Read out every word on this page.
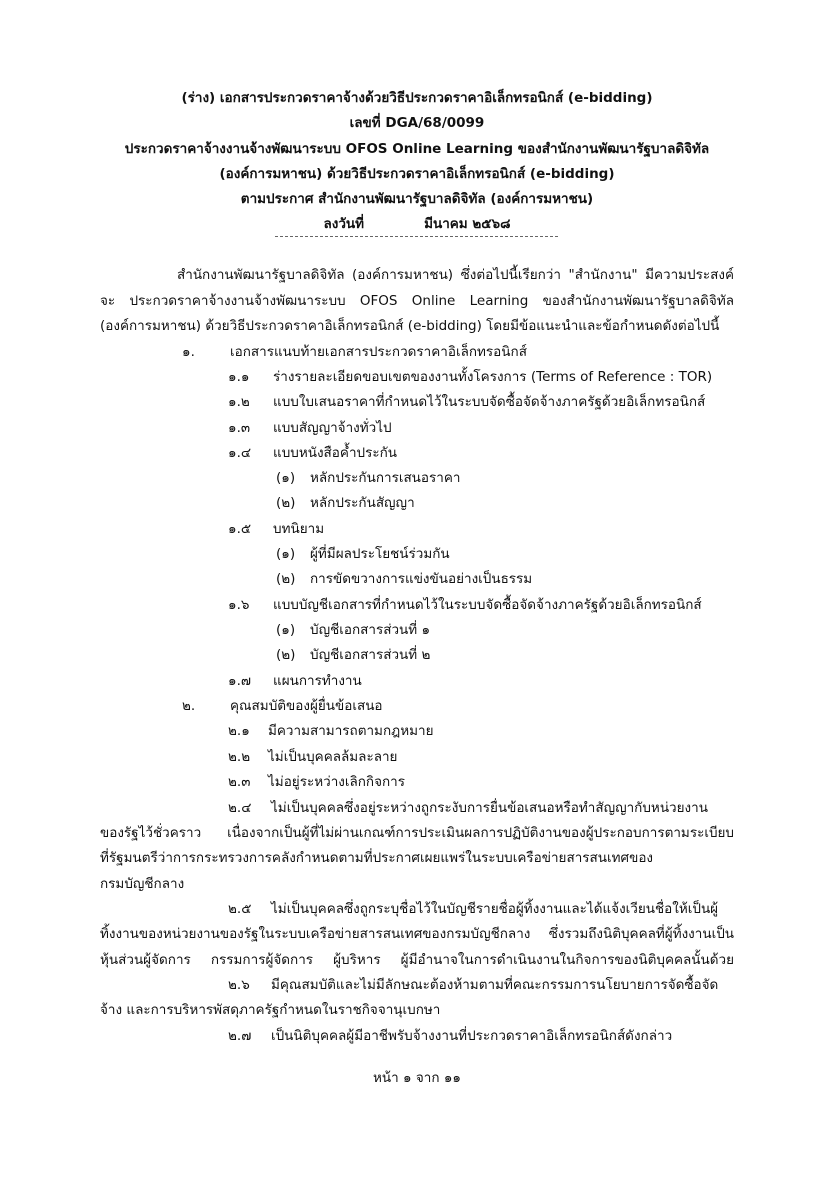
(ร่าง) เอกสารประกวดราคาจ้างด้วยวิธีประกวดราคาอิเล็กทรอนิกส์ (e-bidding)
เลขที่ DGA/68/0099
ประกวดราคาจ้างงานจ้างพัฒนาระบบ OFOS Online Learning ของสำนักงานพัฒนารัฐบาลดิจิทัล
(องค์การมหาชน) ด้วยวิธีประกวดราคาอิเล็กทรอนิกส์ (e-bidding)
ตามประกาศ สำนักงานพัฒนารัฐบาลดิจิทัล (องค์การมหาชน)
ลงวันที่	มีนาคม ๒๕๖๘
สำนักงานพัฒนารัฐบาลดิจิทัล (องค์การมหาชน) ซึ่งต่อไปนี้เรียกว่า "สำนักงาน" มีความประสงค์
จะ ประกวดราคาจ้างงานจ้างพัฒนาระบบ OFOS Online Learning ของสำนักงานพัฒนารัฐบาลดิจิทัล
(องค์การมหาชน) ด้วยวิธีประกวดราคาอิเล็กทรอนิกส์ (e-bidding) โดยมีข้อแนะนำและข้อกำหนดดังต่อไปนี้
๑.	เอกสารแนบท้ายเอกสารประกวดราคาอิเล็กทรอนิกส์
๑.๑ ร่างรายละเอียดขอบเขตของงานทั้งโครงการ (Terms of Reference : TOR)
๑.๒ แบบใบเสนอราคาที่กำหนดไว้ในระบบจัดซื้อจัดจ้างภาครัฐด้วยอิเล็กทรอนิกส์
๑.๓ แบบสัญญาจ้างทั่วไป
๑.๔ แบบหนังสือค้ำประกัน
(๑) หลักประกันการเสนอราคา
(๒) หลักประกันสัญญา
๑.๕ บทนิยาม
(๑) ผู้ที่มีผลประโยชน์ร่วมกัน
(๒) การขัดขวางการแข่งขันอย่างเป็นธรรม
๑.๖ แบบบัญชีเอกสารที่กำหนดไว้ในระบบจัดซื้อจัดจ้างภาครัฐด้วยอิเล็กทรอนิกส์
(๑) บัญชีเอกสารส่วนที่ ๑
(๒) บัญชีเอกสารส่วนที่ ๒
๑.๗ แผนการทำงาน
๒.	คุณสมบัติของผู้ยื่นข้อเสนอ
๒.๑ มีความสามารถตามกฎหมาย
๒.๒ ไม่เป็นบุคคลล้มละลาย
๒.๓ ไม่อยู่ระหว่างเลิกกิจการ
๒.๔ ไม่เป็นบุคคลซึ่งอยู่ระหว่างถูกระงับการยื่นข้อเสนอหรือทำสัญญากับหน่วยงาน
ของรัฐไว้ชั่วคราว เนื่องจากเป็นผู้ที่ไม่ผ่านเกณฑ์การประเมินผลการปฏิบัติงานของผู้ประกอบการตามระเบียบ
ที่รัฐมนตรีว่าการกระทรวงการคลังกำหนดตามที่ประกาศเผยแพร่ในระบบเครือข่ายสารสนเทศของ
กรมบัญชีกลาง
๒.๕ ไม่เป็นบุคคลซึ่งถูกระบุชื่อไว้ในบัญชีรายชื่อผู้ทิ้งงานและได้แจ้งเวียนชื่อให้เป็นผู้
ทิ้งงานของหน่วยงานของรัฐในระบบเครือข่ายสารสนเทศของกรมบัญชีกลาง ซึ่งรวมถึงนิติบุคคลที่ผู้ทิ้งงานเป็น
หุ้นส่วนผู้จัดการ กรรมการผู้จัดการ ผู้บริหาร ผู้มีอำนาจในการดำเนินงานในกิจการของนิติบุคคลนั้นด้วย
๒.๖ มีคุณสมบัติและไม่มีลักษณะต้องห้ามตามที่คณะกรรมการนโยบายการจัดซื้อจัด
จ้าง และการบริหารพัสดุภาครัฐกำหนดในราชกิจจานุเบกษา
๒.๗ เป็นนิติบุคคลผู้มีอาชีพรับจ้างงานที่ประกวดราคาอิเล็กทรอนิกส์ดังกล่าว
หน้า ๑ จาก ๑๑
